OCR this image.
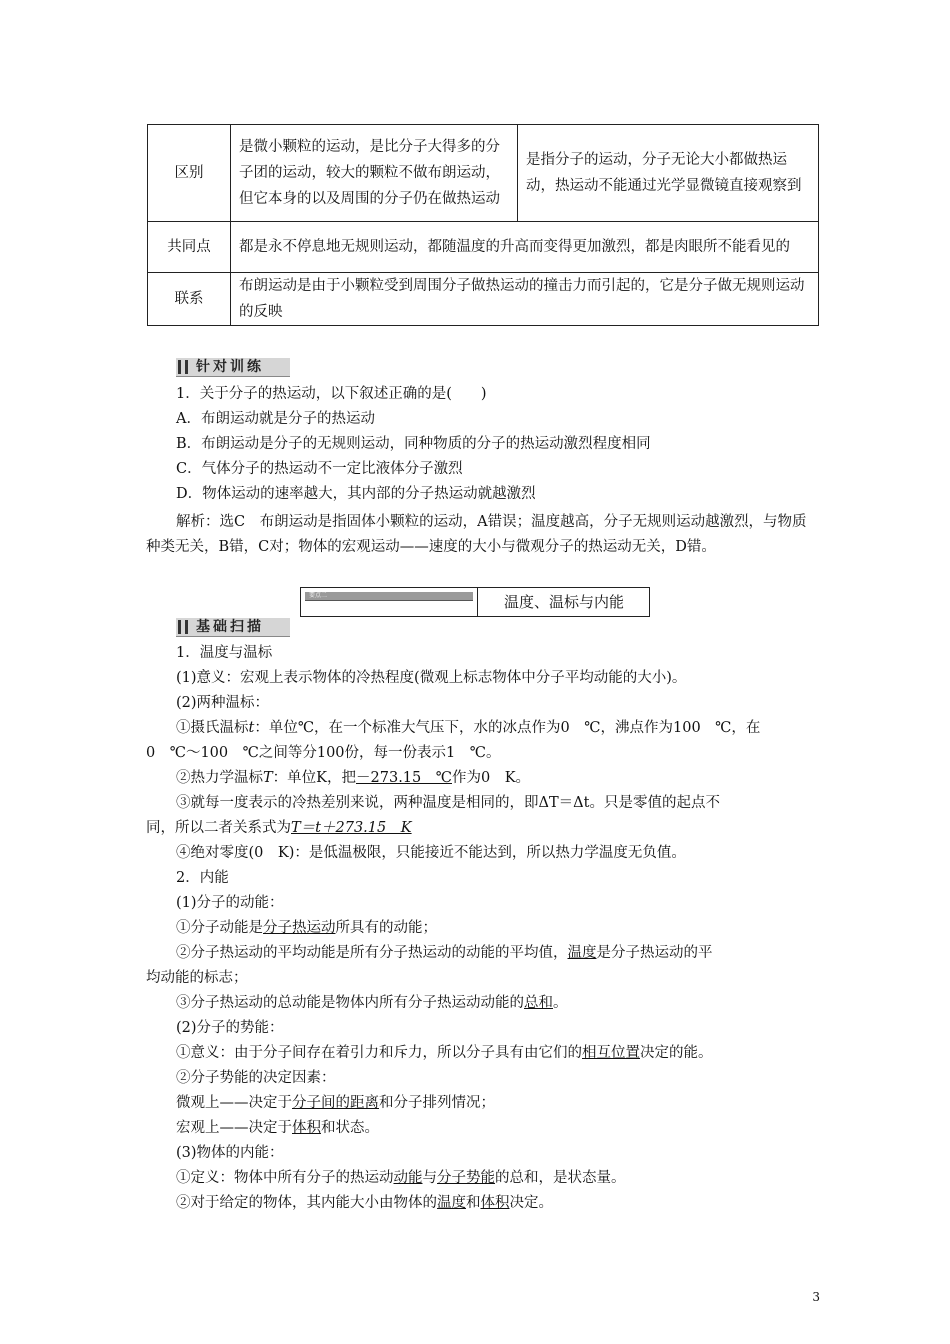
区别	是微小颗粒的运动，是比分子大得多的分子团的运动，较大的颗粒不做布朗运动，但它本身的以及周围的分子仍在做热运动	是指分子的运动，分子无论大小都做热运动，热运动不能通过光学显微镜直接观察到
共同点	都是永不停息地无规则运动，都随温度的升高而变得更加激烈，都是肉眼所不能看见的	
联系	布朗运动是由于小颗粒受到周围分子做热运动的撞击力而引起的，它是分子做无规则运动的反映	
针对训练

1．关于分子的热运动，以下叙述正确的是(　　)

A．布朗运动就是分子的热运动

B．布朗运动是分子的无规则运动，同种物质的分子的热运动激烈程度相同

C．气体分子的热运动不一定比液体分子激烈

D．物体运动的速率越大，其内部的分子热运动就越激烈

解析：选C　布朗运动是指固体小颗粒的运动，A错误；温度越高，分子无规则运动越激烈，与物质种类无关，B错，C对；物体的宏观运动——速度的大小与微观分子的热运动无关，D错。

要点二	温度、温标与内能
基础扫描

1．温度与温标

(1)意义：宏观上表示物体的冷热程度(微观上标志物体中分子平均动能的大小)。

(2)两种温标：

①摄氏温标t：单位℃，在一个标准大气压下，水的冰点作为0　℃，沸点作为100　℃，在

0　℃～100　℃之间等分100份，每一份表示1　℃。

②热力学温标T：单位K，把－273.15　℃作为0　K。

③就每一度表示的冷热差别来说，两种温度是相同的，即ΔT＝Δt。只是零值的起点不

同，所以二者关系式为T＝t＋273.15　K

④绝对零度(0　K)：是低温极限，只能接近不能达到，所以热力学温度无负值。

2．内能

(1)分子的动能：

①分子动能是分子热运动所具有的动能；

②分子热运动的平均动能是所有分子热运动的动能的平均值，温度是分子热运动的平

均动能的标志；

③分子热运动的总动能是物体内所有分子热运动动能的总和。

(2)分子的势能：

①意义：由于分子间存在着引力和斥力，所以分子具有由它们的相互位置决定的能。

②分子势能的决定因素：

微观上——决定于分子间的距离和分子排列情况；

宏观上——决定于体积和状态。

(3)物体的内能：

①定义：物体中所有分子的热运动动能与分子势能的总和，是状态量。

②对于给定的物体，其内能大小由物体的温度和体积决定。

3
